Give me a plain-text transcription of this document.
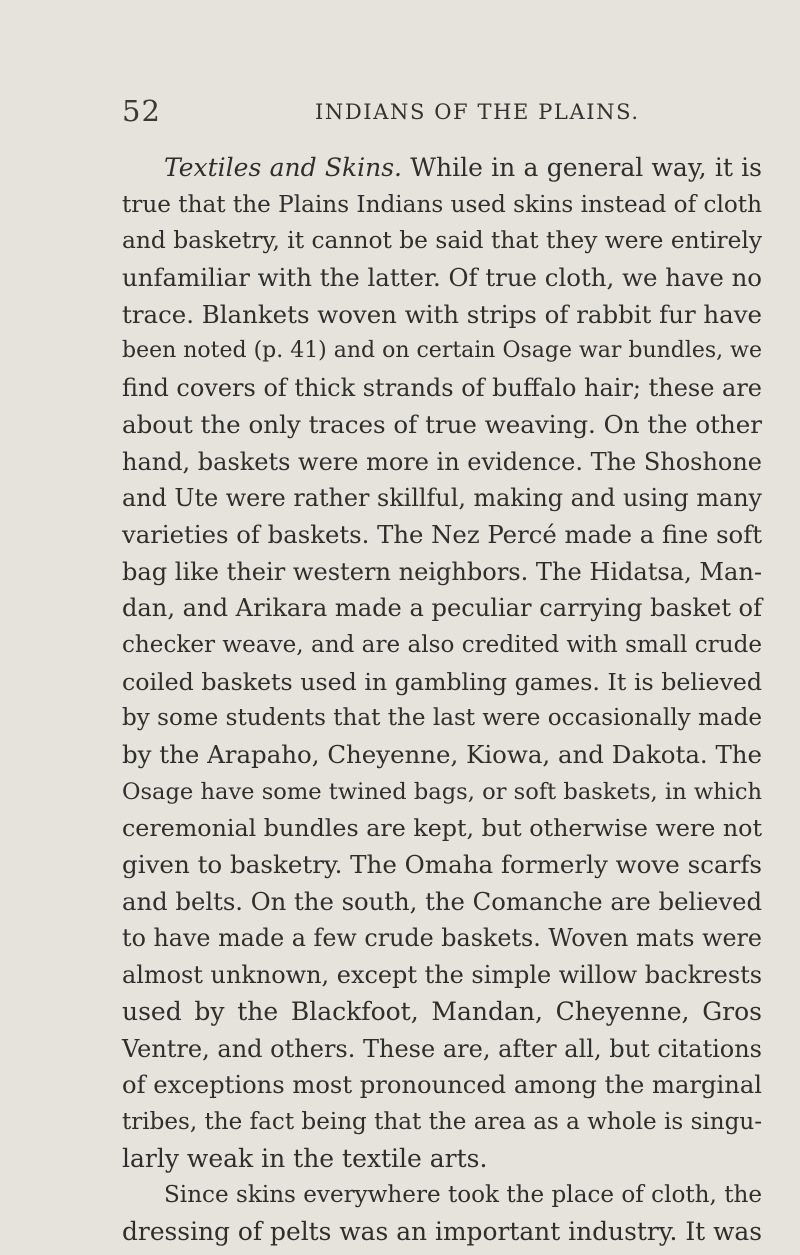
52	INDIANS OF THE PLAINS.
Textiles and Skins. While in a general way, it is
true that the Plains Indians used skins instead of cloth
and basketry, it cannot be said that they were entirely
unfamiliar with the latter. Of true cloth, we have no
trace. Blankets woven with strips of rabbit fur have
been noted (p. 41) and on certain Osage war bundles, we
find covers of thick strands of buffalo hair; these are
about the only traces of true weaving. On the other
hand, baskets were more in evidence. The Shoshone
and Ute were rather skillful, making and using many
varieties of baskets. The Nez Percé made a fine soft
bag like their western neighbors. The Hidatsa, Man-
dan, and Arikara made a peculiar carrying basket of
checker weave, and are also credited with small crude
coiled baskets used in gambling games. It is believed
by some students that the last were occasionally made
by the Arapaho, Cheyenne, Kiowa, and Dakota. The
Osage have some twined bags, or soft baskets, in which
ceremonial bundles are kept, but otherwise were not
given to basketry. The Omaha formerly wove scarfs
and belts. On the south, the Comanche are believed
to have made a few crude baskets. Woven mats were
almost unknown, except the simple willow backrests
used by the Blackfoot, Mandan, Cheyenne, Gros
Ventre, and others. These are, after all, but citations
of exceptions most pronounced among the marginal
tribes, the fact being that the area as a whole is singu-
larly weak in the textile arts.
Since skins everywhere took the place of cloth, the
dressing of pelts was an important industry. It was
